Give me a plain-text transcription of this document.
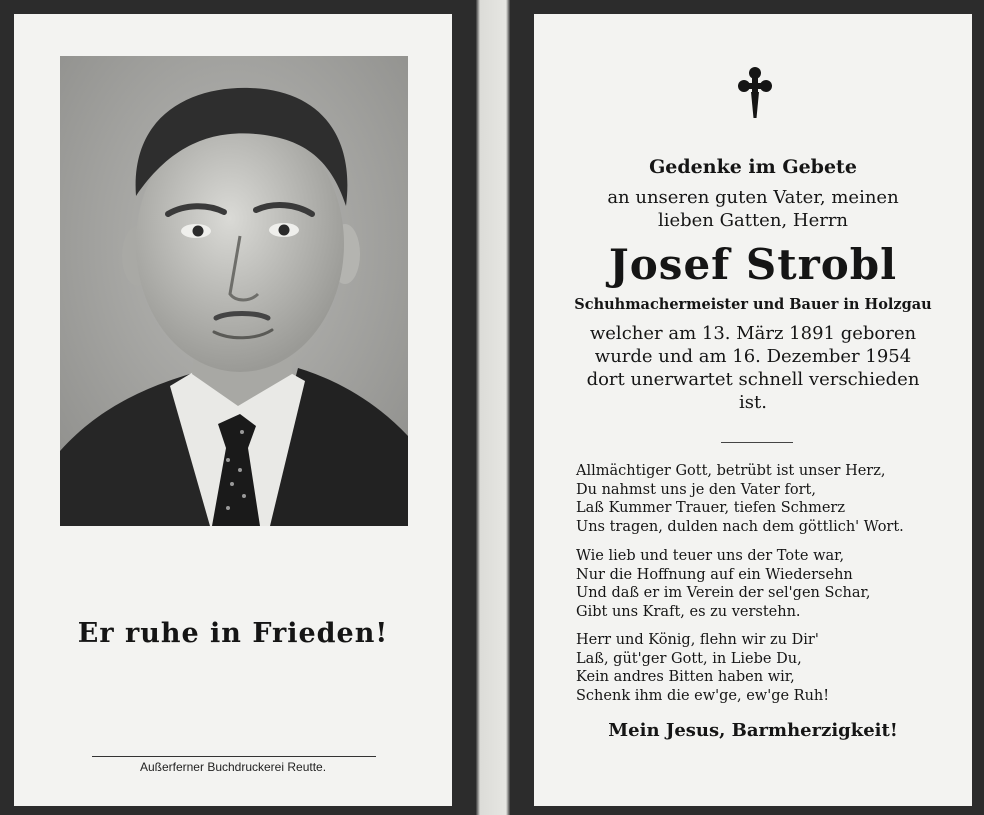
Er ruhe in Frieden!
Außerferner Buchdruckerei Reutte.
Gedenke im Gebete
an unseren guten Vater, meinen
lieben Gatten, Herrn
Josef Strobl
Schuhmachermeister und Bauer in Holzgau
welcher am 13. März 1891 geboren
wurde und am 16. Dezember 1954
dort unerwartet schnell verschieden
ist.
Allmächtiger Gott, betrübt ist unser Herz,
Du nahmst uns je den Vater fort,
Laß Kummer Trauer, tiefen Schmerz
Uns tragen, dulden nach dem göttlich' Wort.
Wie lieb und teuer uns der Tote war,
Nur die Hoffnung auf ein Wiedersehn
Und daß er im Verein der sel'gen Schar,
Gibt uns Kraft, es zu verstehn.
Herr und König, flehn wir zu Dir'
Laß, güt'ger Gott, in Liebe Du,
Kein andres Bitten haben wir,
Schenk ihm die ew'ge, ew'ge Ruh!
Mein Jesus, Barmherzigkeit!
